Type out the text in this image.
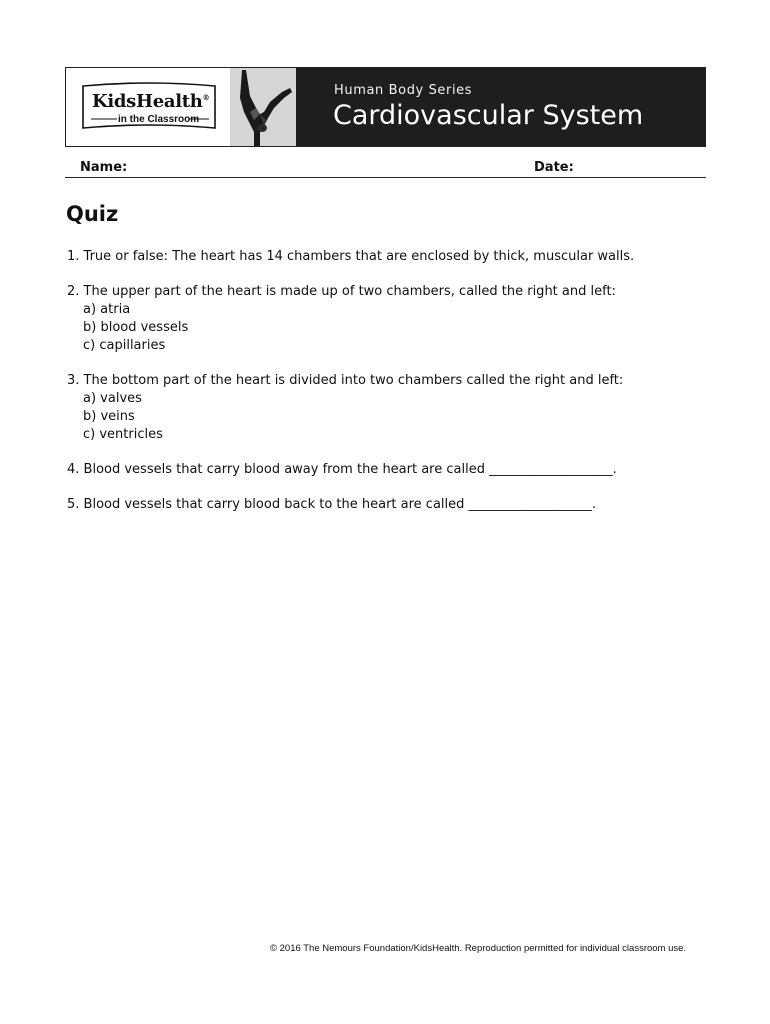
KidsHealth®
in the Classroom
Human Body Series
Cardiovascular System
Name:	Date:
Quiz
1. True or false: The heart has 14 chambers that are enclosed by thick, muscular walls.
2. The upper part of the heart is made up of two chambers, called the right and left:
a) atria
b) blood vessels
c) capillaries
3. The bottom part of the heart is divided into two chambers called the right and left:
a) valves
b) veins
c) ventricles
4. Blood vessels that carry blood away from the heart are called ___________________.
5. Blood vessels that carry blood back to the heart are called ___________________.
© 2016 The Nemours Foundation/KidsHealth. Reproduction permitted for individual classroom use.
